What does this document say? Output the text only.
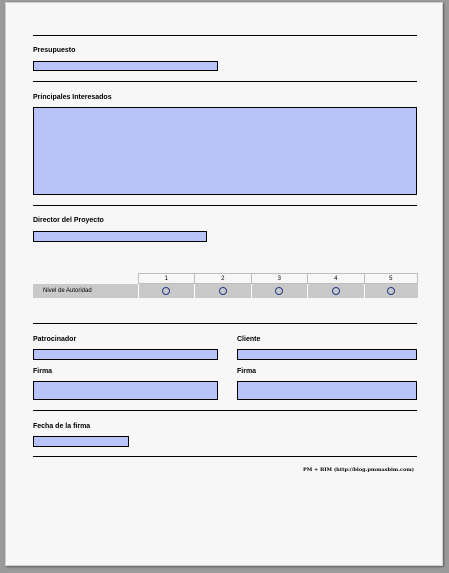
Presupuesto
Principales Interesados
Director del Proyecto
	1	2	3	4	5
Nivel de Autoridad					
Patrocinador	Cliente
Firma	Firma
Fecha de la firma
PM + BIM (http://blog.pmmasbim.com)
